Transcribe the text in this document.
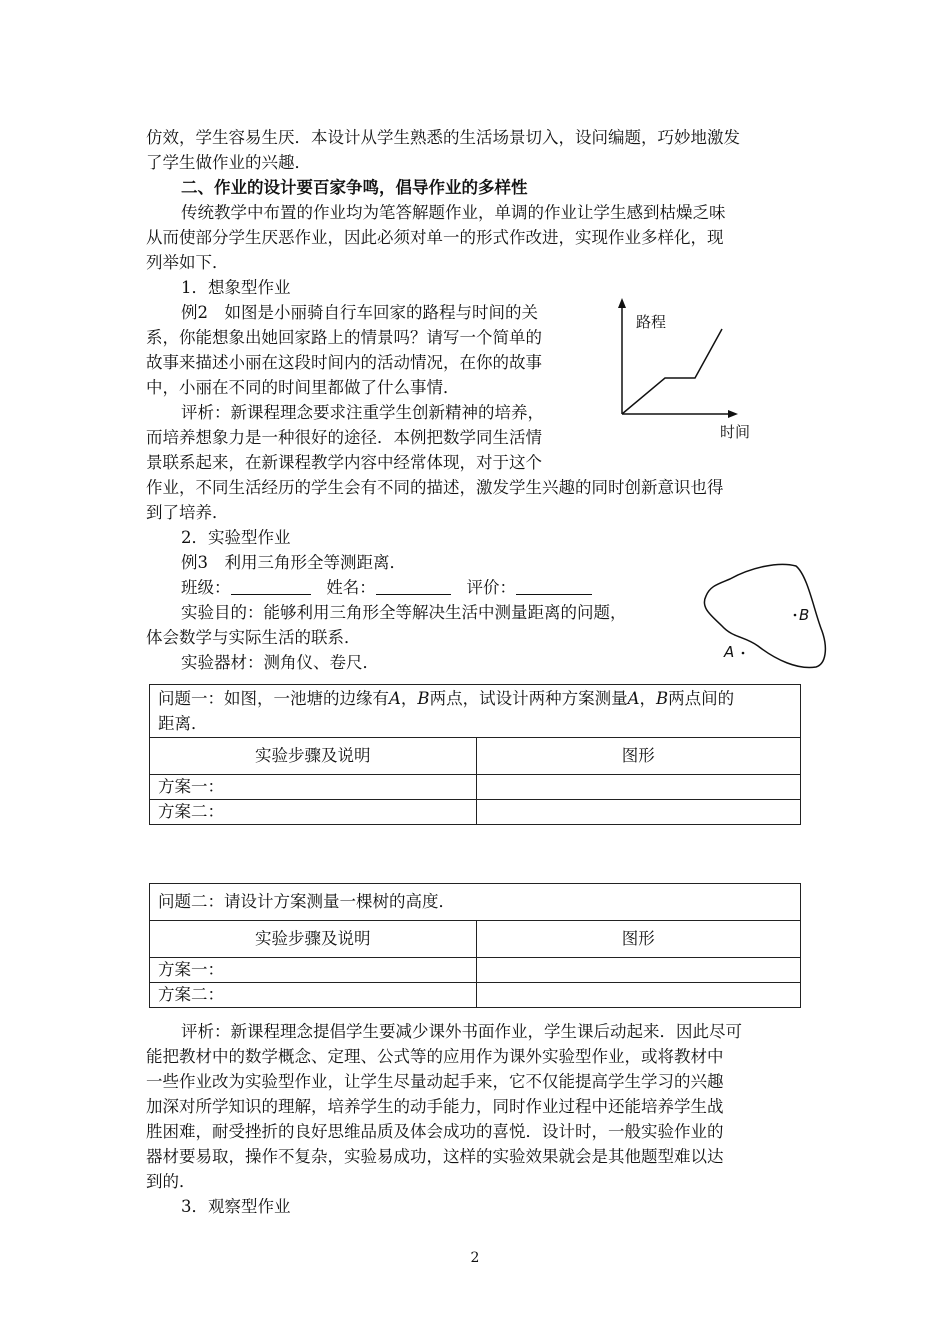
仿效，学生容易生厌．本设计从学生熟悉的生活场景切入，设问编题，巧妙地激发
了学生做作业的兴趣．
二、作业的设计要百家争鸣，倡导作业的多样性
传统教学中布置的作业均为笔答解题作业，单调的作业让学生感到枯燥乏味
从而使部分学生厌恶作业，因此必须对单一的形式作改进，实现作业多样化，现
列举如下．
1．想象型作业
例2　如图是小丽骑自行车回家的路程与时间的关
系，你能想象出她回家路上的情景吗？请写一个简单的
故事来描述小丽在这段时间内的活动情况，在你的故事
中，小丽在不同的时间里都做了什么事情．
评析：新课程理念要求注重学生创新精神的培养，
而培养想象力是一种很好的途径．本例把数学同生活情
景联系起来，在新课程教学内容中经常体现，对于这个
作业，不同生活经历的学生会有不同的描述，激发学生兴趣的同时创新意识也得
到了培养．
路程
时间
2．实验型作业
例3　利用三角形全等测距离．
班级：	姓名：	评价：
实验目的：能够利用三角形全等解决生活中测量距离的问题，
体会数学与实际生活的联系．
实验器材：测角仪、卷尺．
B
A
问题一：如图，一池塘的边缘有A，B两点，试设计两种方案测量A，B两点间的
距离．	
实验步骤及说明	图形
方案一：	
方案二：	
问题二：请设计方案测量一棵树的高度．	
实验步骤及说明	图形
方案一：	
方案二：	
评析：新课程理念提倡学生要减少课外书面作业，学生课后动起来．因此尽可
能把教材中的数学概念、定理、公式等的应用作为课外实验型作业，或将教材中
一些作业改为实验型作业，让学生尽量动起手来，它不仅能提高学生学习的兴趣
加深对所学知识的理解，培养学生的动手能力，同时作业过程中还能培养学生战
胜困难，耐受挫折的良好思维品质及体会成功的喜悦．设计时，一般实验作业的
器材要易取，操作不复杂，实验易成功，这样的实验效果就会是其他题型难以达
到的．
3．观察型作业
2
